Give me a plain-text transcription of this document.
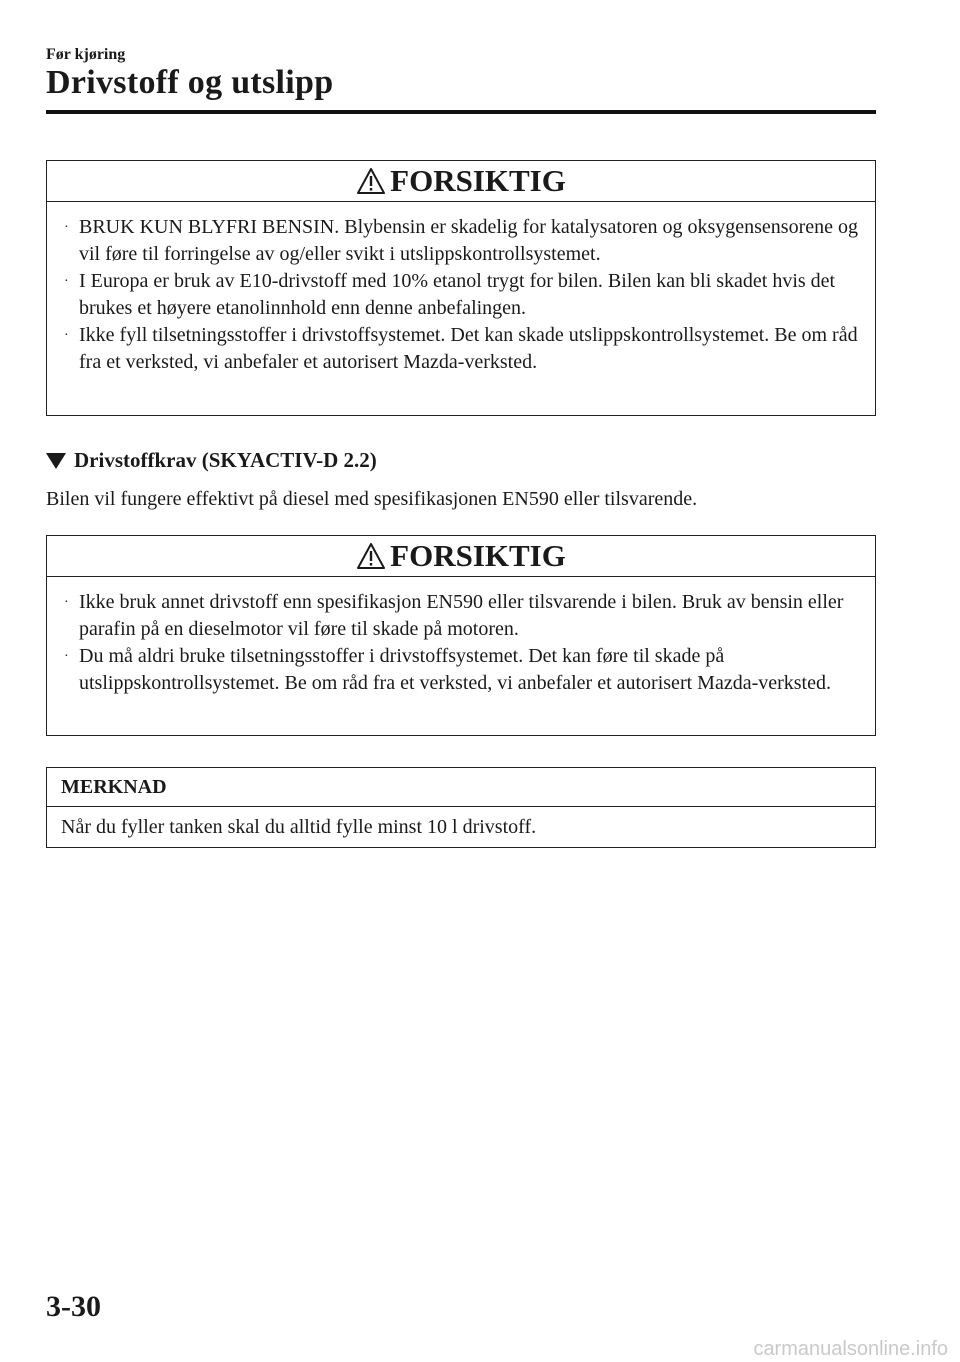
Før kjøring
Drivstoff og utslipp
FORSIKTIG
· BRUK KUN BLYFRI BENSIN. Blybensin er skadelig for katalysatoren og oksygensensorene og vil føre til forringelse av og/eller svikt i utslippskontrollsystemet.
· I Europa er bruk av E10-drivstoff med 10% etanol trygt for bilen. Bilen kan bli skadet hvis det brukes et høyere etanolinnhold enn denne anbefalingen.
· Ikke fyll tilsetningsstoffer i drivstoffsystemet. Det kan skade utslippskontrollsystemet. Be om råd fra et verksted, vi anbefaler et autorisert Mazda-verksted.
Drivstoffkrav (SKYACTIV-D 2.2)
Bilen vil fungere effektivt på diesel med spesifikasjonen EN590 eller tilsvarende.
FORSIKTIG
· Ikke bruk annet drivstoff enn spesifikasjon EN590 eller tilsvarende i bilen. Bruk av bensin eller parafin på en dieselmotor vil føre til skade på motoren.
· Du må aldri bruke tilsetningsstoffer i drivstoffsystemet. Det kan føre til skade på utslippskontrollsystemet. Be om råd fra et verksted, vi anbefaler et autorisert Mazda-verksted.
MERKNAD
Når du fyller tanken skal du alltid fylle minst 10 l drivstoff.
3-30
carmanualsonline.info
